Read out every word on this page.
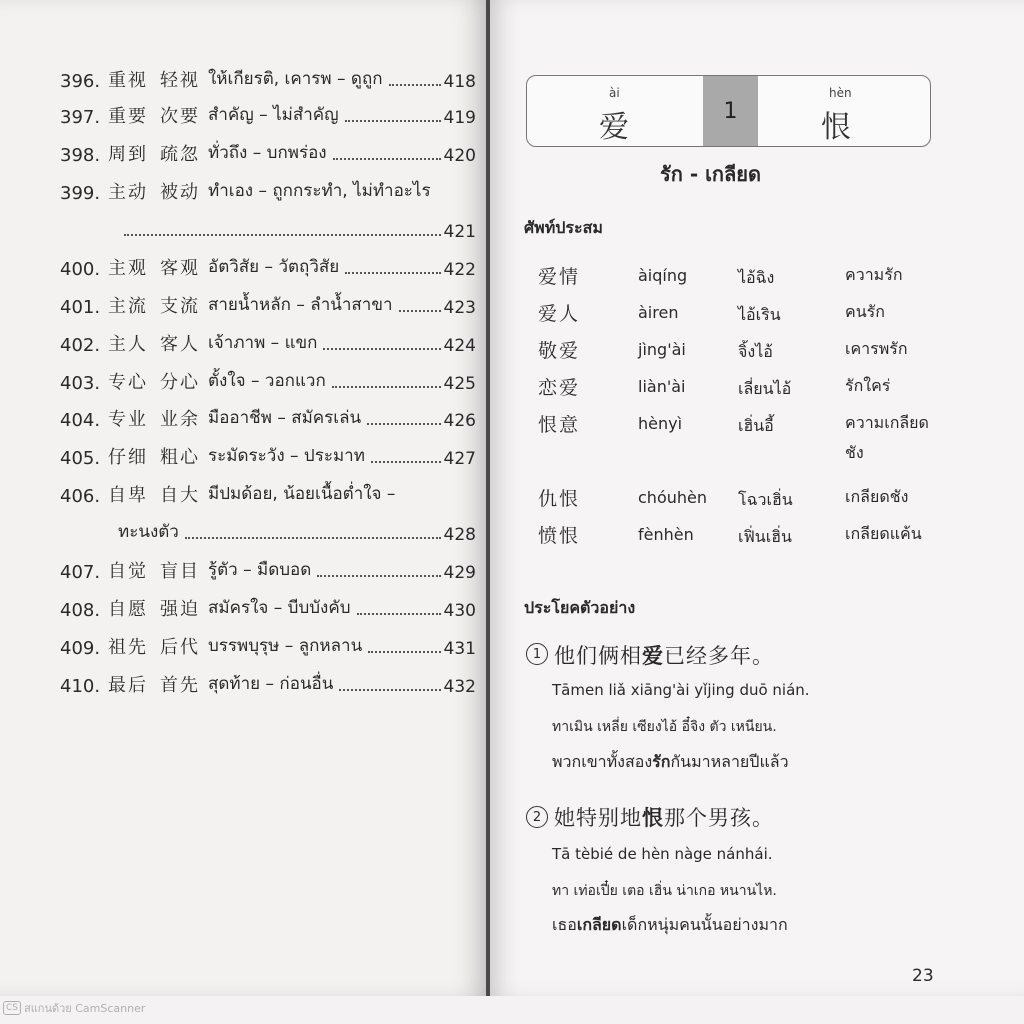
CS สแกนด้วย CamScanner
396. 重视 轻视 ให้เกียรติ, เคารพ – ดูถูก	418
397. 重要 次要 สำคัญ – ไม่สำคัญ	419
398. 周到 疏忽 ทั่วถึง – บกพร่อง	420
399. 主动 被动 ทำเอง – ถูกกระทำ, ไม่ทำอะไร
421
400. 主观 客观 อัตวิสัย – วัตถุวิสัย	422
401. 主流 支流 สายน้ำหลัก – ลำน้ำสาขา	423
402. 主人 客人 เจ้าภาพ – แขก	424
403. 专心 分心 ตั้งใจ – วอกแวก	425
404. 专业 业余 มืออาชีพ – สมัครเล่น	426
405. 仔细 粗心 ระมัดระวัง – ประมาท	427
406. 自卑 自大 มีปมด้อย, น้อยเนื้อต่ำใจ –
ทะนงตัว	428
407. 自觉 盲目 รู้ตัว – มืดบอด	429
408. 自愿 强迫 สมัครใจ – บีบบังคับ	430
409. 祖先 后代 บรรพบุรุษ – ลูกหลาน	431
410. 最后 首先 สุดท้าย – ก่อนอื่น	432
ài
爱	1
hèn
恨
รัก - เกลียด
ศัพท์ประสม
爱情	àiqíng	ไอ้ฉิง	ความรัก
爱人	àiren	ไอ้เริน	คนรัก
敬爱	jìng'ài	จิ้งไอ้	เคารพรัก
恋爱	liàn'ài	เลี่ยนไอ้	รักใคร่
恨意	hènyì	เฮิ่นอี้	ความเกลียดชัง
仇恨	chóuhèn โฉวเฮิ่น	เกลียดชัง
愤恨	fènhèn	เฟิ่นเฮิ่น	เกลียดแค้น
ประโยคตัวอย่าง
1 他们俩相爱已经多年。
Tāmen liǎ xiāng'ài yǐjing duō nián.
ทาเมิน เหลี่ย เซียงไอ้ อี๋จิง ตัว เหนียน.
พวกเขาทั้งสองรักกันมาหลายปีแล้ว
2 她特别地恨那个男孩。
Tā tèbié de hèn nàge nánhái.
ทา เท่อเปี๋ย เตอ เฮิ่น น่าเกอ หนานไห.
เธอเกลียดเด็กหนุ่มคนนั้นอย่างมาก
23
